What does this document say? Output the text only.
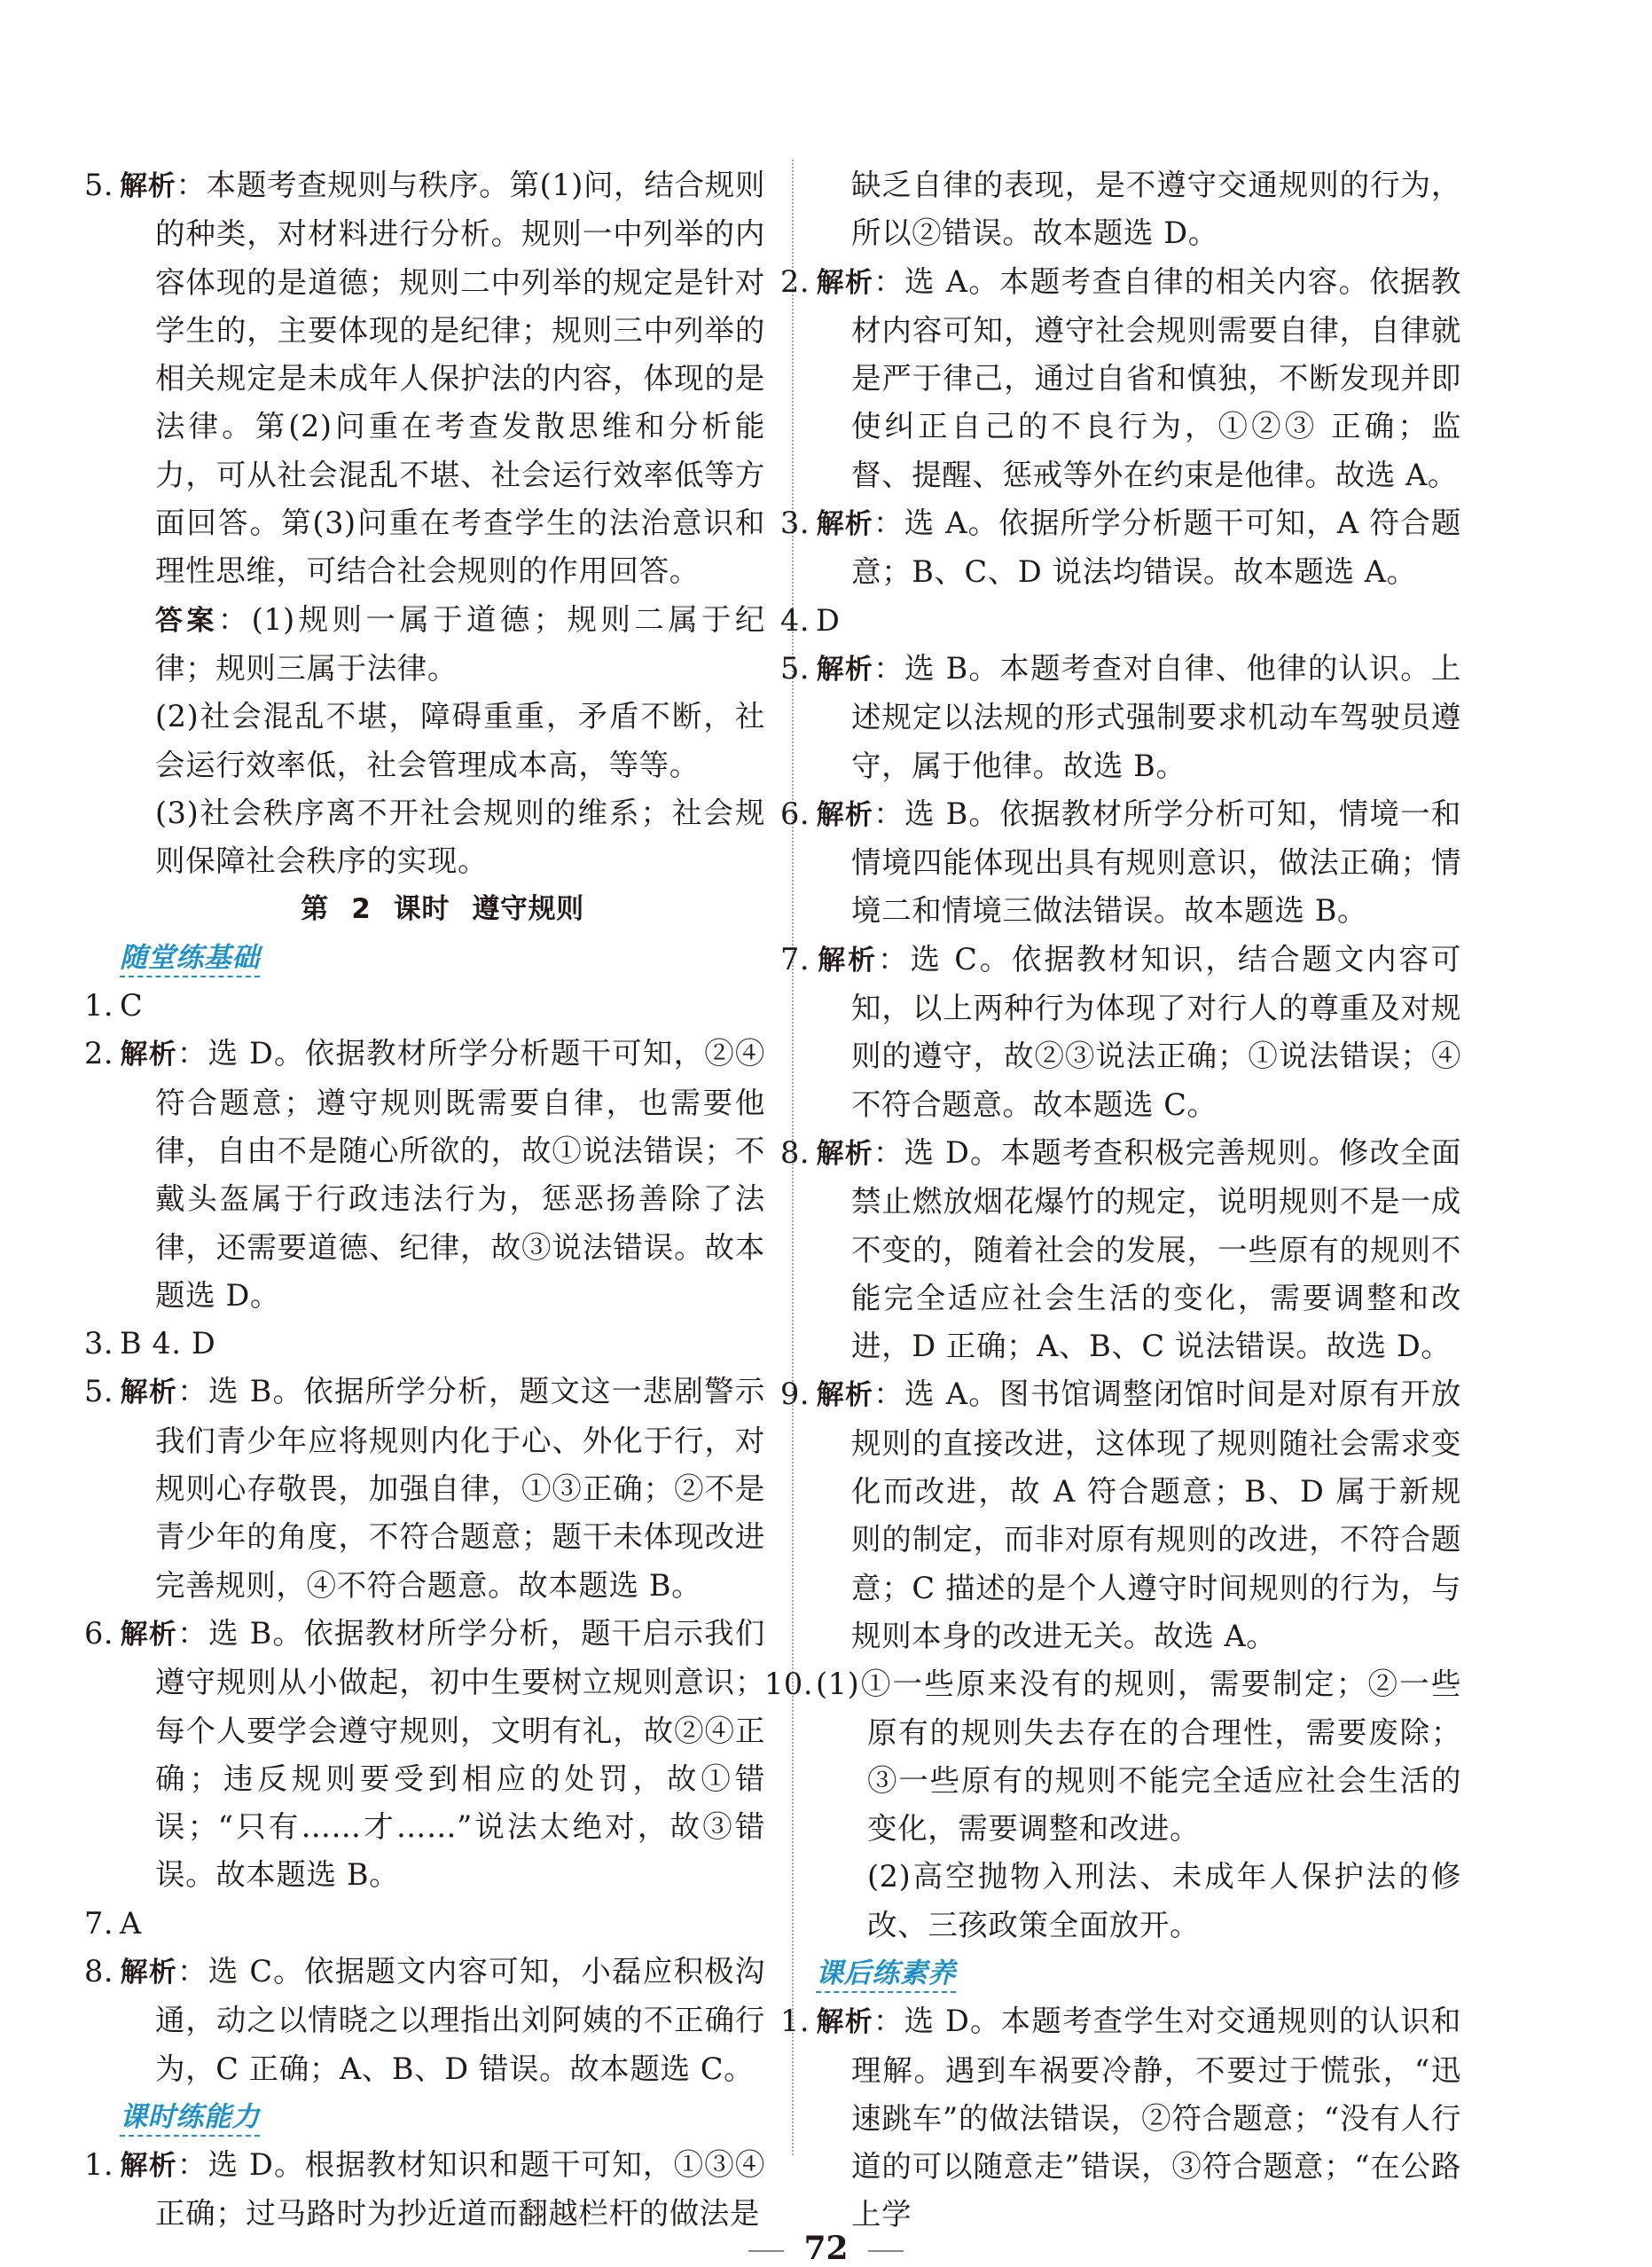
5. 解析：本题考查规则与秩序。第(1)问，结合规则的种类，对材料进行分析。规则一中列举的内容体现的是道德；规则二中列举的规定是针对学生的，主要体现的是纪律；规则三中列举的相关规定是未成年人保护法的内容，体现的是法律。第(2)问重在考查发散思维和分析能力，可从社会混乱不堪、社会运行效率低等方面回答。第(3)问重在考查学生的法治意识和理性思维，可结合社会规则的作用回答。

答案：(1)规则一属于道德；规则二属于纪律；规则三属于法律。

(2)社会混乱不堪，障碍重重，矛盾不断，社会运行效率低，社会管理成本高，等等。

(3)社会秩序离不开社会规则的维系；社会规则保障社会秩序的实现。

第 2 课时 遵守规则

随堂练基础

1. C

2. 解析：选 D。依据教材所学分析题干可知，②④符合题意；遵守规则既需要自律，也需要他律，自由不是随心所欲的，故①说法错误；不戴头盔属于行政违法行为，惩恶扬善除了法律，还需要道德、纪律，故③说法错误。故本题选 D。

3. B 4. D

5. 解析：选 B。依据所学分析，题文这一悲剧警示我们青少年应将规则内化于心、外化于行，对规则心存敬畏，加强自律，①③正确；②不是青少年的角度，不符合题意；题干未体现改进完善规则，④不符合题意。故本题选 B。

6. 解析：选 B。依据教材所学分析，题干启示我们遵守规则从小做起，初中生要树立规则意识；每个人要学会遵守规则，文明有礼，故②④正确；违反规则要受到相应的处罚，故①错误；“只有……才……”说法太绝对，故③错误。故本题选 B。

7. A

8. 解析：选 C。依据题文内容可知，小磊应积极沟通，动之以情晓之以理指出刘阿姨的不正确行为，C 正确；A、B、D 错误。故本题选 C。

课时练能力

1. 解析：选 D。根据教材知识和题干可知，①③④正确；过马路时为抄近道而翻越栏杆的做法是

缺乏自律的表现，是不遵守交通规则的行为，所以②错误。故本题选 D。

2. 解析：选 A。本题考查自律的相关内容。依据教材内容可知，遵守社会规则需要自律，自律就是严于律己，通过自省和慎独，不断发现并即使纠正自己的不良行为，①②③ 正确；监督、提醒、惩戒等外在约束是他律。故选 A。

3. 解析：选 A。依据所学分析题干可知，A 符合题意；B、C、D 说法均错误。故本题选 A。

4. D

5. 解析：选 B。本题考查对自律、他律的认识。上述规定以法规的形式强制要求机动车驾驶员遵守，属于他律。故选 B。

6. 解析：选 B。依据教材所学分析可知，情境一和情境四能体现出具有规则意识，做法正确；情境二和情境三做法错误。故本题选 B。

7. 解析：选 C。依据教材知识，结合题文内容可知，以上两种行为体现了对行人的尊重及对规则的遵守，故②③说法正确；①说法错误；④不符合题意。故本题选 C。

8. 解析：选 D。本题考查积极完善规则。修改全面禁止燃放烟花爆竹的规定，说明规则不是一成不变的，随着社会的发展，一些原有的规则不能完全适应社会生活的变化，需要调整和改进，D 正确；A、B、C 说法错误。故选 D。

9. 解析：选 A。图书馆调整闭馆时间是对原有开放规则的直接改进，这体现了规则随社会需求变化而改进，故 A 符合题意；B、D 属于新规则的制定，而非对原有规则的改进，不符合题意；C 描述的是个人遵守时间规则的行为，与规则本身的改进无关。故选 A。

10.(1)①一些原来没有的规则，需要制定；②一些原有的规则失去存在的合理性，需要废除；③一些原有的规则不能完全适应社会生活的变化，需要调整和改进。

(2)高空抛物入刑法、未成年人保护法的修改、三孩政策全面放开。

课后练素养

1. 解析：选 D。本题考查学生对交通规则的认识和理解。遇到车祸要冷静，不要过于慌张，“迅速跳车”的做法错误，②符合题意；“没有人行道的可以随意走”错误，③符合题意；“在公路上学

72
